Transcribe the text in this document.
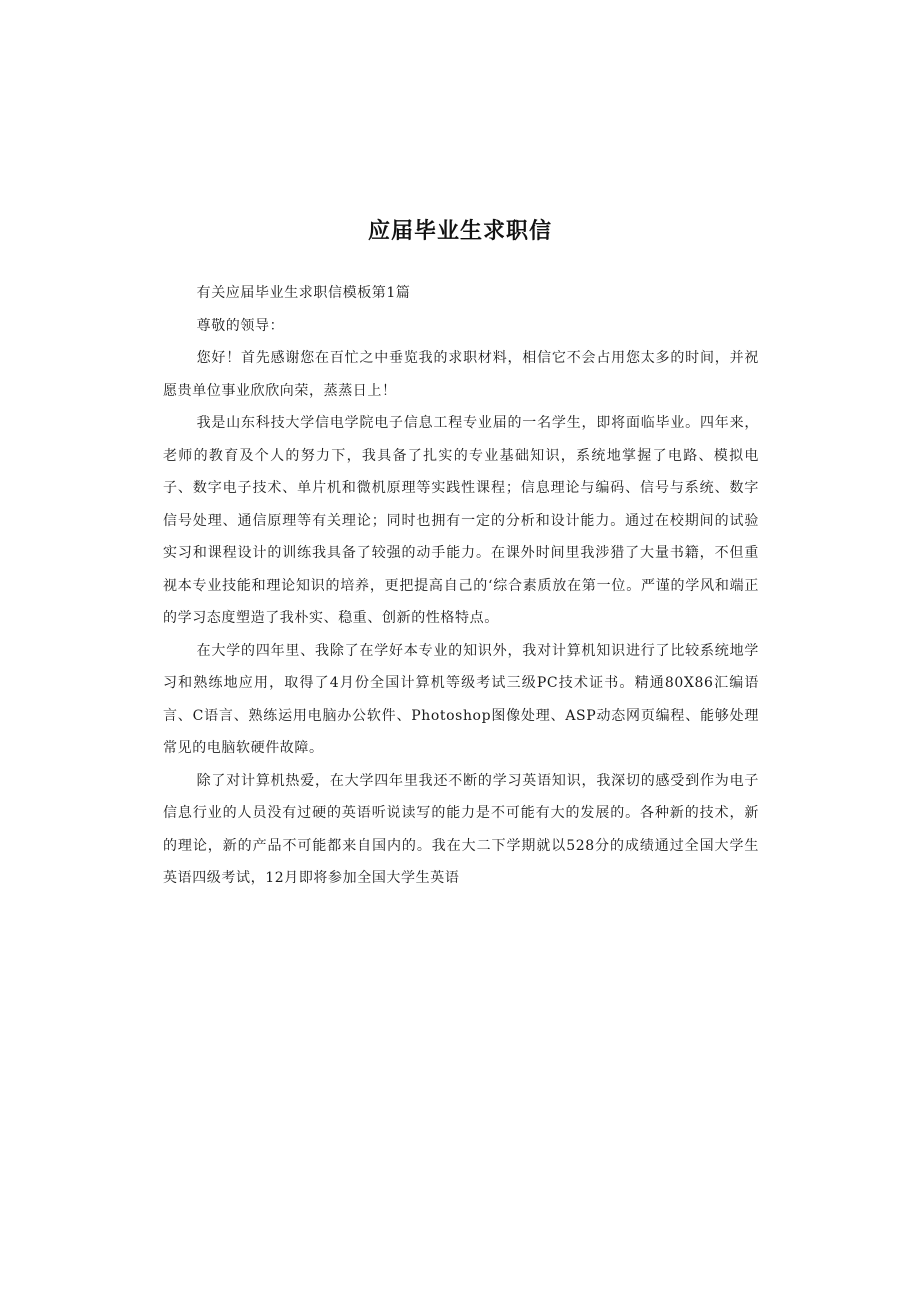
应届毕业生求职信

有关应届毕业生求职信模板第1篇

尊敬的领导：

您好！首先感谢您在百忙之中垂览我的求职材料，相信它不会占用您太多的时间，并祝愿贵单位事业欣欣向荣，蒸蒸日上！

我是山东科技大学信电学院电子信息工程专业届的一名学生，即将面临毕业。四年来，老师的教育及个人的努力下，我具备了扎实的专业基础知识，系统地掌握了电路、模拟电子、数字电子技术、单片机和微机原理等实践性课程；信息理论与编码、信号与系统、数字信号处理、通信原理等有关理论；同时也拥有一定的分析和设计能力。通过在校期间的试验实习和课程设计的训练我具备了较强的动手能力。在课外时间里我涉猎了大量书籍，不但重视本专业技能和理论知识的培养，更把提高自己的‘综合素质放在第一位。严谨的学风和端正的学习态度塑造了我朴实、稳重、创新的性格特点。

在大学的四年里、我除了在学好本专业的知识外，我对计算机知识进行了比较系统地学习和熟练地应用，取得了4月份全国计算机等级考试三级PC技术证书。精通80X86汇编语言、C语言、熟练运用电脑办公软件、Photoshop图像处理、ASP动态网页编程、能够处理常见的电脑软硬件故障。

除了对计算机热爱，在大学四年里我还不断的学习英语知识，我深切的感受到作为电子信息行业的人员没有过硬的英语听说读写的能力是不可能有大的发展的。各种新的技术，新的理论，新的产品不可能都来自国内的。我在大二下学期就以528分的成绩通过全国大学生英语四级考试，12月即将参加全国大学生英语
